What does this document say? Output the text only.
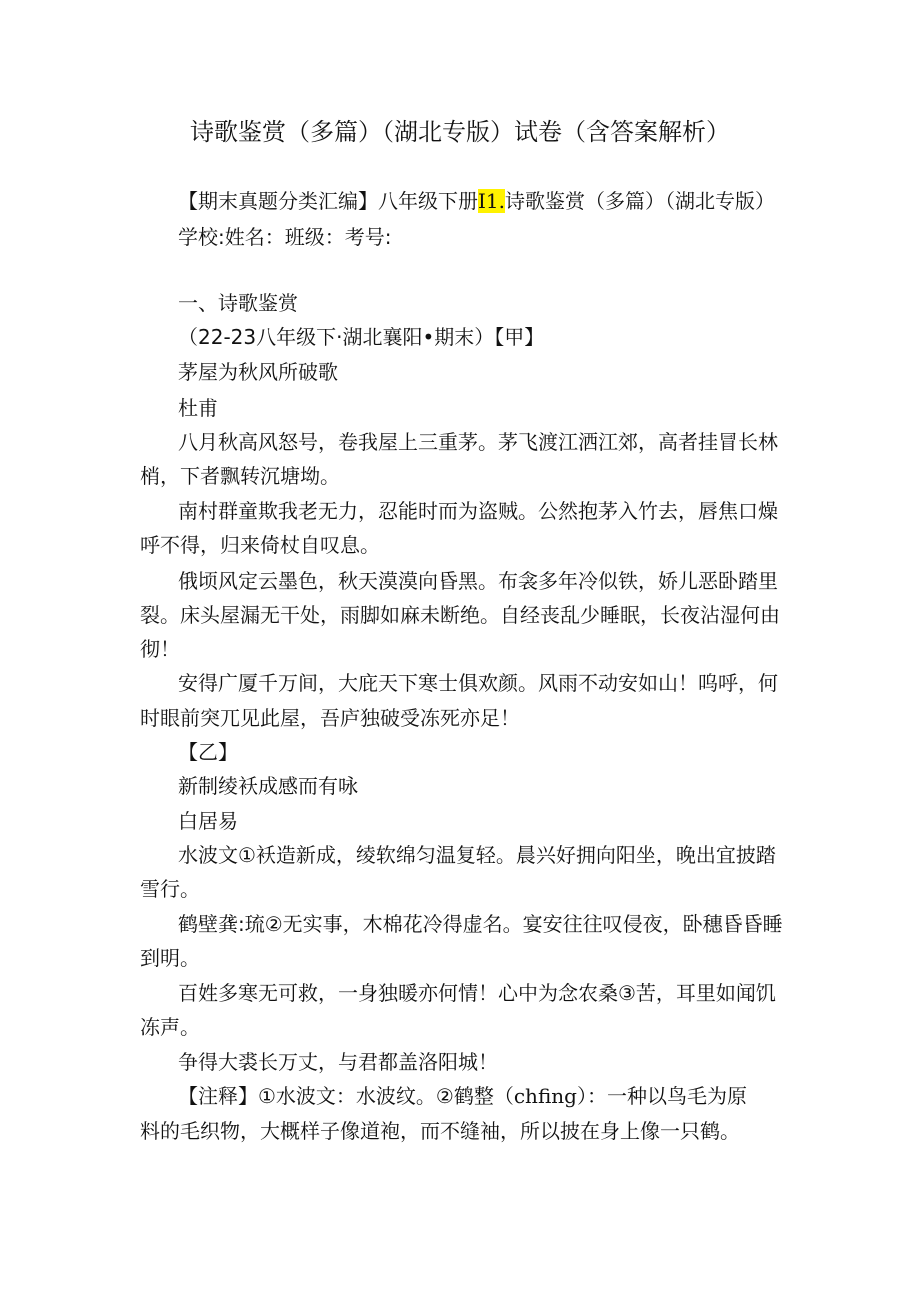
诗歌鉴赏（多篇）（湖北专版）试卷（含答案解析）
【期末真题分类汇编】八年级下册I1.诗歌鉴赏（多篇）（湖北专版）
学校:姓名：班级：考号:
一、诗歌鉴赏
（22-23八年级下·湖北襄阳•期末）【甲】
茅屋为秋风所破歌
杜甫
八月秋高风怒号，卷我屋上三重茅。茅飞渡江洒江郊，高者挂冒长林
梢，下者飘转沉塘坳。
南村群童欺我老无力，忍能时而为盗贼。公然抱茅入竹去，唇焦口燥
呼不得，归来倚杖自叹息。
俄顷风定云墨色，秋天漠漠向昏黑。布衾多年冷似铁，娇儿恶卧踏里
裂。床头屋漏无干处，雨脚如麻未断绝。自经丧乱少睡眠，长夜沾湿何由
彻！
安得广厦千万间，大庇天下寒士俱欢颜。风雨不动安如山！呜呼，何
时眼前突兀见此屋，吾庐独破受冻死亦足！
【乙】
新制绫袄成感而有咏
白居易
水波文①袄造新成，绫软绵匀温复轻。晨兴好拥向阳坐，晚出宜披踏
雪行。
鹤壁龚:琉②无实事，木棉花冷得虚名。宴安往往叹侵夜，卧穗昏昏睡
到明。
百姓多寒无可救，一身独暖亦何情！心中为念农桑③苦，耳里如闻饥
冻声。
争得大裘长万丈，与君都盖洛阳城！
【注释】①水波文：水波纹。②鹤整（chfing）：一种以鸟毛为原
料的毛织物，大概样子像道袍，而不缝袖，所以披在身上像一只鹤。
